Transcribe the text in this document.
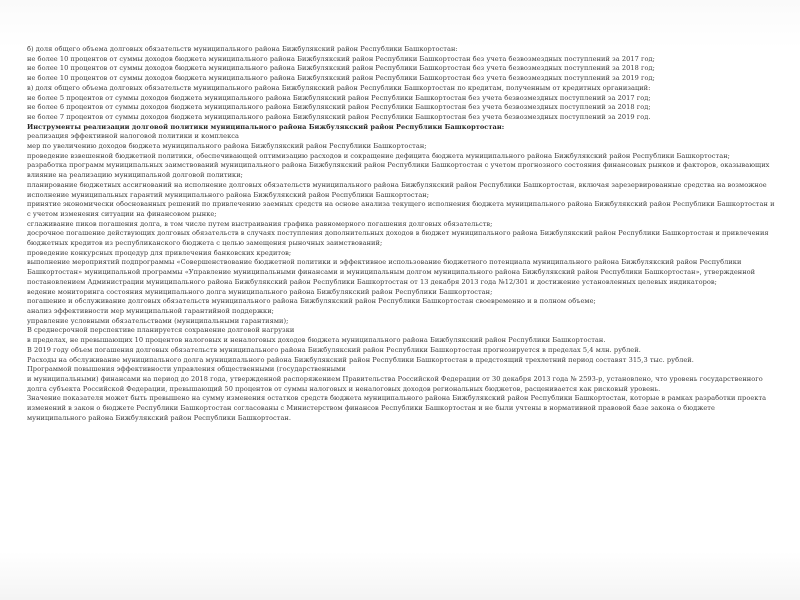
б) доля общего объема долговых обязательств муниципального района Бижбулякский район Республики Башкортостан:

не более 10 процентов от суммы доходов бюджета муниципального района Бижбулякский район Республики Башкортостан без учета безвозмездных поступлений за 2017 год;

не более 10 процентов от суммы доходов бюджета муниципального района Бижбулякский район Республики Башкортостан без учета безвозмездных поступлений за 2018 год;

не более 10 процентов от суммы доходов бюджета муниципального района Бижбулякский район Республики Башкортостан без учета безвозмездных поступлений за 2019 год;

в) доля общего объема долговых обязательств муниципального района Бижбулякский район Республики Башкортостан по кредитам, полученным от кредитных организаций:

не более 5 процентов от суммы доходов бюджета муниципального района Бижбулякский район Республики Башкортостан без учета безвозмездных поступлений за 2017 год;

не более 6 процентов от суммы доходов бюджета муниципального района Бижбулякский район Республики Башкортостан без учета безвозмездных поступлений за 2018 год;

не более 7 процентов от суммы доходов бюджета муниципального района Бижбулякский район Республики Башкортостан без учета безвозмездных поступлений за 2019 год.

Инструменты реализации долговой политики муниципального района Бижбулякский район Республики Башкортостан:

реализация эффективной налоговой политики и комплекса

мер по увеличению доходов бюджета муниципального района Бижбулякский район Республики Башкортостан;

проведение взвешенной бюджетной политики, обеспечивающей оптимизацию расходов и сокращение дефицита бюджета муниципального района Бижбулякский район Республики Башкортостан;

разработка программ муниципальных заимствований муниципального района Бижбулякский район Республики Башкортостан с учетом прогнозного состояния финансовых рынков и факторов, оказывающих влияние на реализацию муниципальной долговой политики;

планирование бюджетных ассигнований на исполнение долговых обязательств муниципального района Бижбулякский район Республики Башкортостан, включая зарезервированные средства на возможное исполнение муниципальных гарантий муниципального района Бижбулякский район Республики Башкортостан;

принятие экономически обоснованных решений по привлечению заемных средств на основе анализа текущего исполнения бюджета муниципального района Бижбулякский район Республики Башкортостан и с учетом изменения ситуации на финансовом рынке;

сглаживание пиков погашения долга, в том числе путем выстраивания графика равномерного погашения долговых обязательств;

досрочное погашение действующих долговых обязательств в случаях поступления дополнительных доходов в бюджет муниципального района Бижбулякский район Республики Башкортостан и привлечения бюджетных кредитов из республиканского бюджета с целью замещения рыночных заимствований;

проведение конкурсных процедур для привлечения банковских кредитов;

выполнение мероприятий подпрограммы «Совершенствование бюджетной политики и эффективное использование бюджетного потенциала муниципального района Бижбулякский район Республики Башкортостан» муниципальной программы «Управление муниципальными финансами и муниципальным долгом муниципального района Бижбулякский район Республики Башкортостан», утвержденной постановлением Администрации муниципального района Бижбулякский район Республики Башкортостан от 13 декабря 2013 года №12/301 и достижение установленных целевых индикаторов;

ведение мониторинга состояния муниципального долга муниципального района Бижбулякский район Республики Башкортостан;

погашение и обслуживание долговых обязательств муниципального района Бижбулякский район Республики Башкортостан своевременно и в полном объеме;

анализ эффективности мер муниципальной гарантийной поддержки;

управление условными обязательствами (муниципальными гарантиями);

В среднесрочной перспективе планируется сохранение долговой нагрузки

в пределах, не превышающих 10 процентов налоговых и неналоговых доходов бюджета муниципального района Бижбулякский район Республики Башкортостан.

В 2019 году объем погашения долговых обязательств муниципального района Бижбулякский район Республики Башкортостан прогнозируется в пределах 5,4 млн. рублей.

Расходы на обслуживание муниципального долга муниципального района Бижбулякский район Республики Башкортостан в предстоящий трехлетний период составят 315,3 тыс. рублей.

Программой повышения эффективности управления общественными (государственными

и муниципальными) финансами на период до 2018 года, утвержденной распоряжением Правительства Российской Федерации от 30 декабря 2013 года № 2593-р, установлено, что уровень государственного долга субъекта Российской Федерации, превышающий 50 процентов от суммы налоговых и неналоговых доходов региональных бюджетов, расценивается как рисковый уровень.

Значение показателя может быть превышено на сумму изменения остатков средств бюджета муниципального района Бижбулякский район Республики Башкортостан, которые в рамках разработки проекта изменений в закон о бюджете Республики Башкортостан согласованы с Министерством финансов Республики Башкортостан и не были учтены в нормативной правовой базе закона о бюджете муниципального района Бижбулякский район Республики Башкортостан.
